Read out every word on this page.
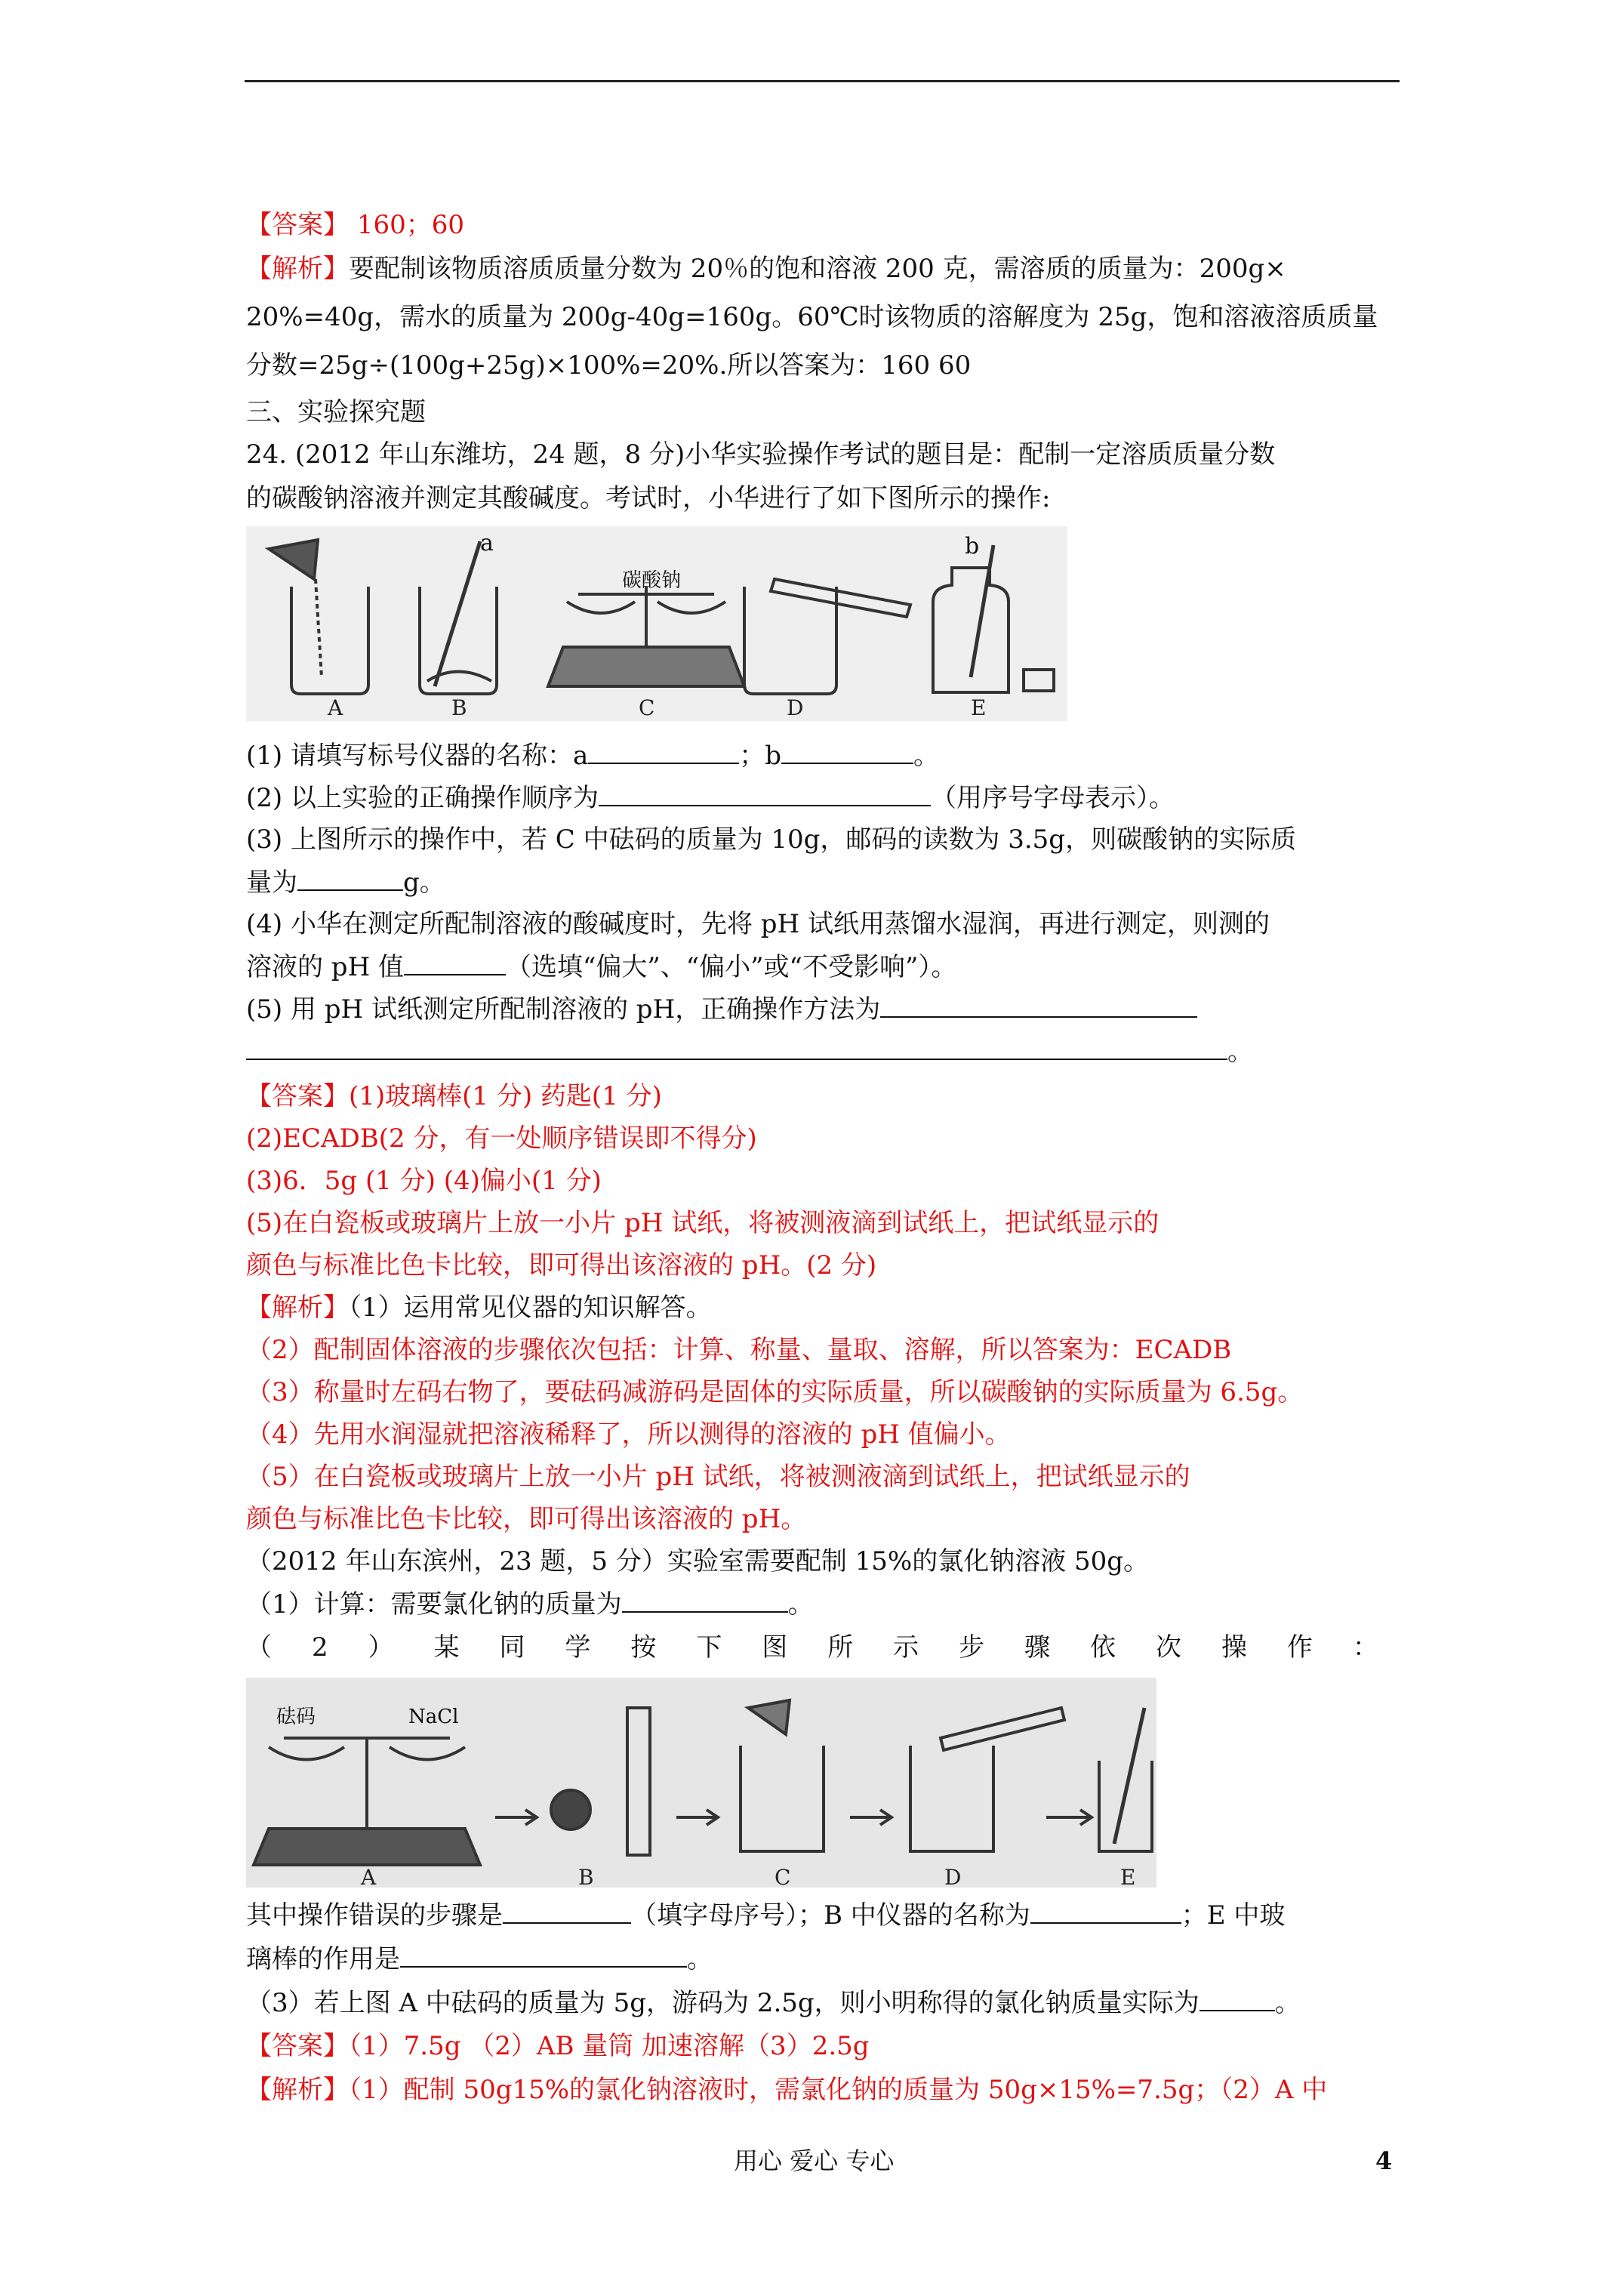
【答案】 160；60
【解析】要配制该物质溶质质量分数为 20％的饱和溶液 200 克，需溶质的质量为：200g×
20%=40g，需水的质量为 200g-40g=160g。60℃时该物质的溶解度为 25g，饱和溶液溶质质量
分数=25g÷(100g+25g)×100%=20%.所以答案为：160 60
三、实验探究题
24. (2012 年山东潍坊，24 题，8 分)小华实验操作考试的题目是：配制一定溶质质量分数
的碳酸钠溶液并测定其酸碱度。考试时，小华进行了如下图所示的操作:
碳酸钠
a	b
A	B	C	D	E
(1) 请填写标号仪器的名称：a	；b	。
(2) 以上实验的正确操作顺序为	（用序号字母表示）。
(3) 上图所示的操作中，若 C 中砝码的质量为 10g，邮码的读数为 3.5g，则碳酸钠的实际质
量为	g。
(4) 小华在测定所配制溶液的酸碱度时，先将 pH 试纸用蒸馏水湿润，再进行测定，则测的
溶液的 pH 值	（选填“偏大”、“偏小”或“不受影响”）。
(5) 用 pH 试纸测定所配制溶液的 pH，正确操作方法为
。
【答案】(1)玻璃棒(1 分) 药匙(1 分)
(2)ECADB(2 分，有一处顺序错误即不得分)
(3)6．5g (1 分) (4)偏小(1 分)
(5)在白瓷板或玻璃片上放一小片 pH 试纸，将被测液滴到试纸上，把试纸显示的
颜色与标准比色卡比较，即可得出该溶液的 pH。(2 分)
【解析】（1）运用常见仪器的知识解答。
（2）配制固体溶液的步骤依次包括：计算、称量、量取、溶解，所以答案为：ECADB
（3）称量时左码右物了，要砝码减游码是固体的实际质量，所以碳酸钠的实际质量为 6.5g。
（4）先用水润湿就把溶液稀释了，所以测得的溶液的 pH 值偏小。
（5）在白瓷板或玻璃片上放一小片 pH 试纸，将被测液滴到试纸上，把试纸显示的
颜色与标准比色卡比较，即可得出该溶液的 pH。
（2012 年山东滨州，23 题，5 分）实验室需要配制 15%的氯化钠溶液 50g。
（1）计算：需要氯化钠的质量为	。
（ 2 ） 某 同 学 按 下 图 所 示 步 骤 依 次 操 作 ：
砝码	NaCl
A	B	C	D	E
其中操作错误的步骤是	（填字母序号）；B 中仪器的名称为	；E 中玻
璃棒的作用是	。
（3）若上图 A 中砝码的质量为 5g，游码为 2.5g，则小明称得的氯化钠质量实际为	。
【答案】（1）7.5g （2）AB 量筒 加速溶解（3）2.5g
【解析】（1）配制 50g15%的氯化钠溶液时，需氯化钠的质量为 50g×15%=7.5g；（2）A 中
用心 爱心 专心	4
